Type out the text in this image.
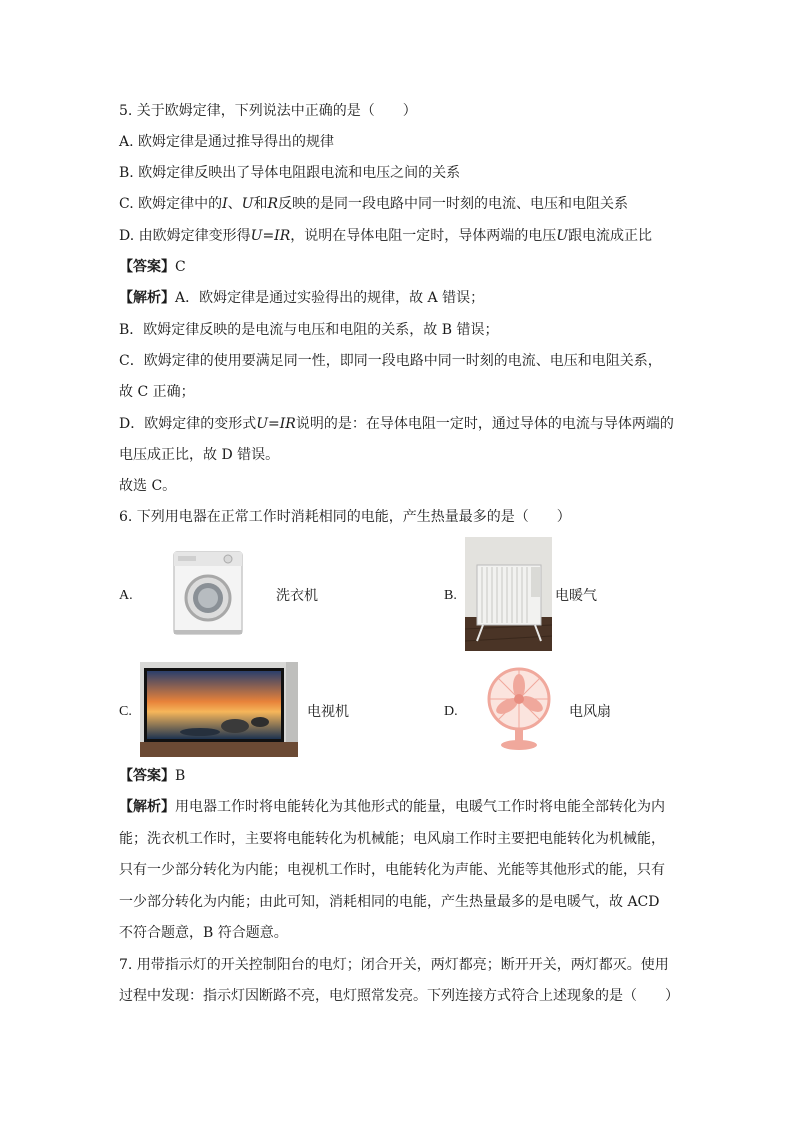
5. 关于欧姆定律，下列说法中正确的是（　　）
A. 欧姆定律是通过推导得出的规律
B. 欧姆定律反映出了导体电阻跟电流和电压之间的关系
C. 欧姆定律中的I、U和R反映的是同一段电路中同一时刻的电流、电压和电阻关系
D. 由欧姆定律变形得U=IR，说明在导体电阻一定时，导体两端的电压U跟电流成正比
【答案】C
【解析】A．欧姆定律是通过实验得出的规律，故 A 错误；
B．欧姆定律反映的是电流与电压和电阻的关系，故 B 错误；
C．欧姆定律的使用要满足同一性，即同一段电路中同一时刻的电流、电压和电阻关系，
故 C 正确；
D．欧姆定律的变形式U=IR说明的是：在导体电阻一定时，通过导体的电流与导体两端的
电压成正比，故 D 错误。
故选 C。
6. 下列用电器在正常工作时消耗相同的电能，产生热量最多的是（　　）
A.	洗衣机	B.	电暖气
C.	电视机	D.	电风扇
【答案】B
【解析】用电器工作时将电能转化为其他形式的能量，电暖气工作时将电能全部转化为内
能；洗衣机工作时，主要将电能转化为机械能；电风扇工作时主要把电能转化为机械能，
只有一少部分转化为内能；电视机工作时，电能转化为声能、光能等其他形式的能，只有
一少部分转化为内能；由此可知，消耗相同的电能，产生热量最多的是电暖气，故 ACD
不符合题意，B 符合题意。
7. 用带指示灯的开关控制阳台的电灯；闭合开关，两灯都亮；断开开关，两灯都灭。使用
过程中发现：指示灯因断路不亮，电灯照常发亮。下列连接方式符合上述现象的是（　　）
